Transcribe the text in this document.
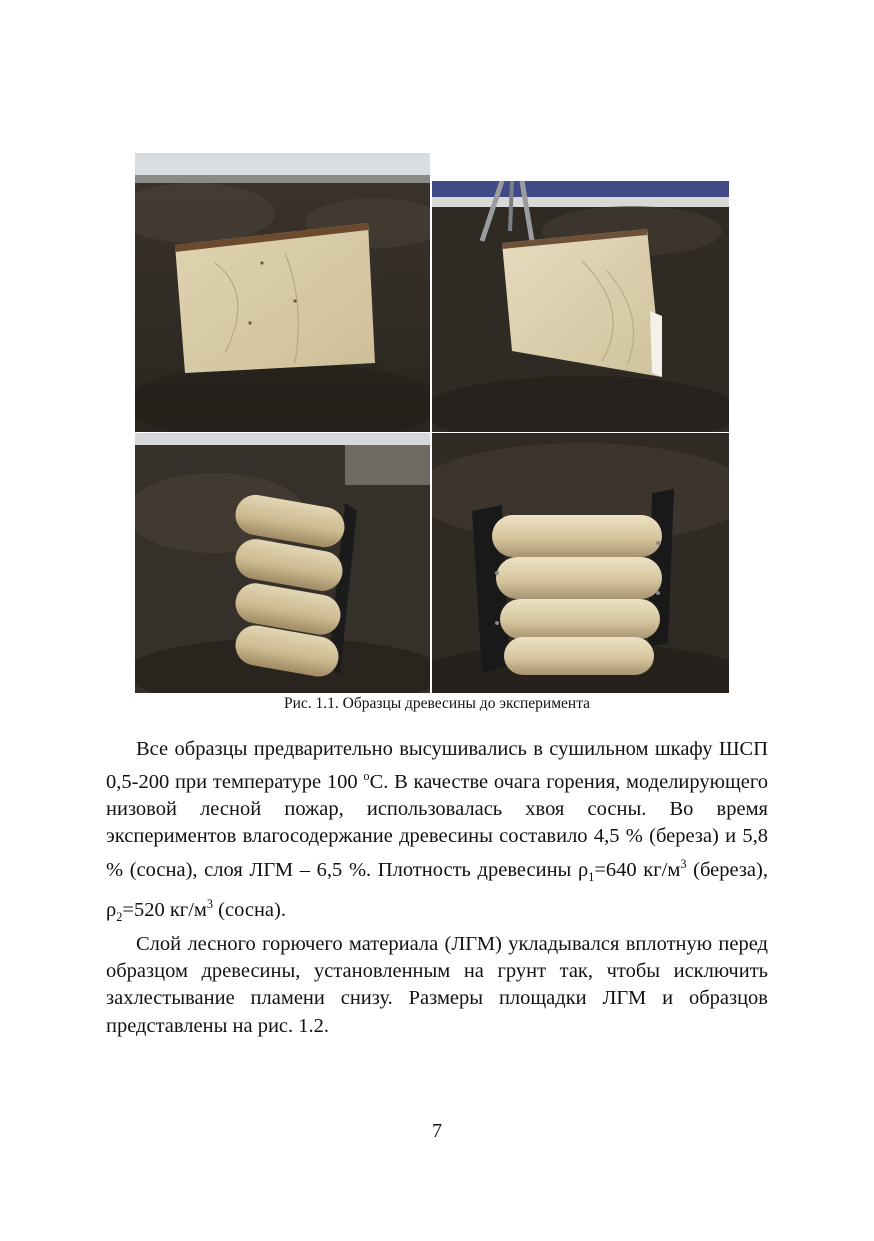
Рис. 1.1. Образцы древесины до эксперимента

Все образцы предварительно высушивались в сушильном шкафу ШСП 0,5-200 при температуре 100 $^о$С. В качестве очага горения, моделирующего низовой лесной пожар, использовалась хвоя сосны. Во время экспериментов влагосодержание древесины составило 4,5 % (береза) и 5,8 % (сосна), слоя ЛГМ – 6,5 %. Плотность древесины $\rho_1=640$ $кг/м^3$ (береза), $\rho_2=520$ $кг/м^3$ (сосна).

Слой лесного горючего материала (ЛГМ) укладывался вплотную перед образцом древесины, установленным на грунт так, чтобы исключить захлестывание пламени снизу. Размеры площадки ЛГМ и образцов представлены на рис. 1.2.

7
